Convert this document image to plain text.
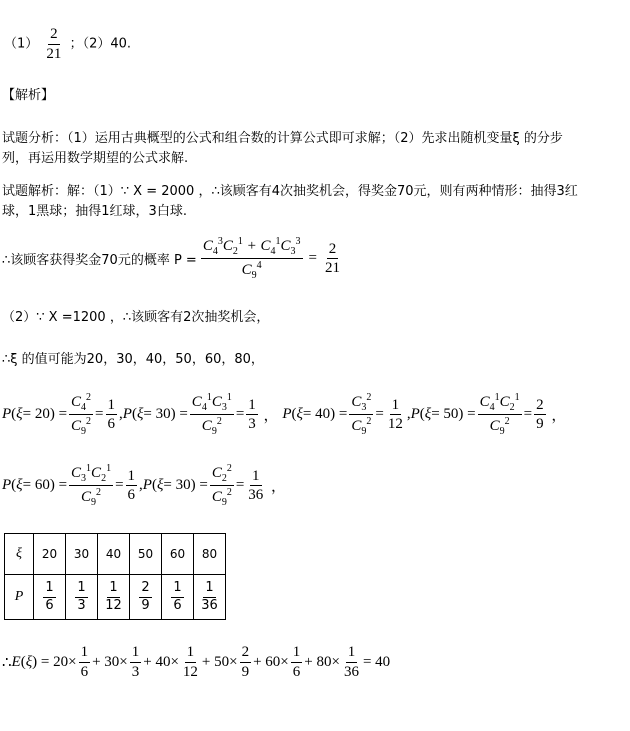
$(1) \frac{2}{21}$ ；（2）40.
【解析】
试题分析：（1）运用古典概型的公式和组合数的计算公式即可求解；（2）先求出随机变量ξ 的分步
列，再运用数学期望的公式求解.
试题解析：解：（1）∵ X = 2000 ，∴该顾客有4次抽奖机会，得奖金70元，则有两种情形：抽得3红
球，1黑球；抽得1红球，3白球.
∴该顾客获得奖金70元的概率 $P = \frac{C_4^3C_2^1 + C_4^1C_3^3}{C_9^4} = \frac{2}{21}$
（2）∵ X =1200 ，∴该顾客有2次抽奖机会，
∴ξ 的值可能为20，30，40，50，60，80，
P ( $\xi = 20) = \frac{C_4^2}{C_9^2} = \frac{1}{6}$ , P ( $\xi = 30) = \frac{C_4^1C_3^1}{C_9^2} = \frac{1}{3}$ ， P ( $\xi = 40) = \frac{C_3^2}{C_9^2} = \frac{1}{12}$ , P ( $\xi = 50) = \frac{C_4^1C_2^1}{C_9^2} = \frac{2}{9}$ ，
P ( $\xi = 60) = \frac{C_3^1C_2^1}{C_9^2} = \frac{1}{6}$ , P ( $\xi = 30) = \frac{C_2^2}{C_9^2} = \frac{1}{36}$ ，
ξ	20	30	40	50	60	80
P	$\frac{1}{6}$	$\frac{1}{3}$	$\frac{1}{12}$	$\frac{2}{9}$	$\frac{1}{6}$	$\frac{1}{36}$
∴ E ( ξ ) = $20\times \frac{1}{6} + 30\times \frac{1}{3} + 40\times \frac{1}{12} + 50\times \frac{2}{9} + 60\times \frac{1}{6} + 80\times \frac{1}{36} = 40$
